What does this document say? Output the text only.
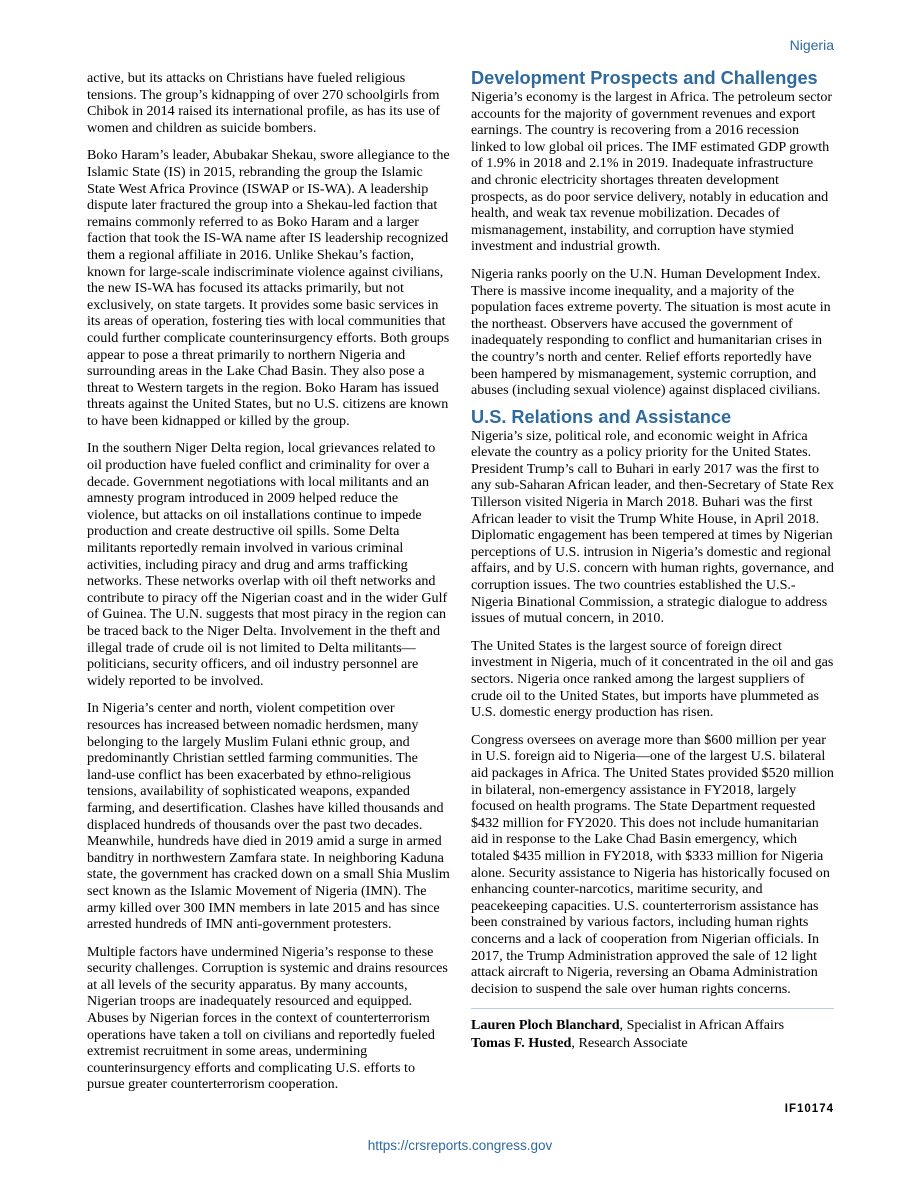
Nigeria

active, but its attacks on Christians have fueled religious tensions. The group’s kidnapping of over 270 schoolgirls from Chibok in 2014 raised its international profile, as has its use of women and children as suicide bombers.

Boko Haram’s leader, Abubakar Shekau, swore allegiance to the Islamic State (IS) in 2015, rebranding the group the Islamic State West Africa Province (ISWAP or IS-WA). A leadership dispute later fractured the group into a Shekau-led faction that remains commonly referred to as Boko Haram and a larger faction that took the IS-WA name after IS leadership recognized them a regional affiliate in 2016. Unlike Shekau’s faction, known for large-scale indiscriminate violence against civilians, the new IS-WA has focused its attacks primarily, but not exclusively, on state targets. It provides some basic services in its areas of operation, fostering ties with local communities that could further complicate counterinsurgency efforts. Both groups appear to pose a threat primarily to northern Nigeria and surrounding areas in the Lake Chad Basin. They also pose a threat to Western targets in the region. Boko Haram has issued threats against the United States, but no U.S. citizens are known to have been kidnapped or killed by the group.

In the southern Niger Delta region, local grievances related to oil production have fueled conflict and criminality for over a decade. Government negotiations with local militants and an amnesty program introduced in 2009 helped reduce the violence, but attacks on oil installations continue to impede production and create destructive oil spills. Some Delta militants reportedly remain involved in various criminal activities, including piracy and drug and arms trafficking networks. These networks overlap with oil theft networks and contribute to piracy off the Nigerian coast and in the wider Gulf of Guinea. The U.N. suggests that most piracy in the region can be traced back to the Niger Delta. Involvement in the theft and illegal trade of crude oil is not limited to Delta militants—politicians, security officers, and oil industry personnel are widely reported to be involved.

In Nigeria’s center and north, violent competition over resources has increased between nomadic herdsmen, many belonging to the largely Muslim Fulani ethnic group, and predominantly Christian settled farming communities. The land-use conflict has been exacerbated by ethno-religious tensions, availability of sophisticated weapons, expanded farming, and desertification. Clashes have killed thousands and displaced hundreds of thousands over the past two decades. Meanwhile, hundreds have died in 2019 amid a surge in armed banditry in northwestern Zamfara state. In neighboring Kaduna state, the government has cracked down on a small Shia Muslim sect known as the Islamic Movement of Nigeria (IMN). The army killed over 300 IMN members in late 2015 and has since arrested hundreds of IMN anti-government protesters.

Multiple factors have undermined Nigeria’s response to these security challenges. Corruption is systemic and drains resources at all levels of the security apparatus. By many accounts, Nigerian troops are inadequately resourced and equipped. Abuses by Nigerian forces in the context of counterterrorism operations have taken a toll on civilians and reportedly fueled extremist recruitment in some areas, undermining counterinsurgency efforts and complicating U.S. efforts to pursue greater counterterrorism cooperation.

Development Prospects and Challenges

Nigeria’s economy is the largest in Africa. The petroleum sector accounts for the majority of government revenues and export earnings. The country is recovering from a 2016 recession linked to low global oil prices. The IMF estimated GDP growth of 1.9% in 2018 and 2.1% in 2019. Inadequate infrastructure and chronic electricity shortages threaten development prospects, as do poor service delivery, notably in education and health, and weak tax revenue mobilization. Decades of mismanagement, instability, and corruption have stymied investment and industrial growth.

Nigeria ranks poorly on the U.N. Human Development Index. There is massive income inequality, and a majority of the population faces extreme poverty. The situation is most acute in the northeast. Observers have accused the government of inadequately responding to conflict and humanitarian crises in the country’s north and center. Relief efforts reportedly have been hampered by mismanagement, systemic corruption, and abuses (including sexual violence) against displaced civilians.

U.S. Relations and Assistance

Nigeria’s size, political role, and economic weight in Africa elevate the country as a policy priority for the United States. President Trump’s call to Buhari in early 2017 was the first to any sub-Saharan African leader, and then-Secretary of State Rex Tillerson visited Nigeria in March 2018. Buhari was the first African leader to visit the Trump White House, in April 2018. Diplomatic engagement has been tempered at times by Nigerian perceptions of U.S. intrusion in Nigeria’s domestic and regional affairs, and by U.S. concern with human rights, governance, and corruption issues. The two countries established the U.S.-Nigeria Binational Commission, a strategic dialogue to address issues of mutual concern, in 2010.

The United States is the largest source of foreign direct investment in Nigeria, much of it concentrated in the oil and gas sectors. Nigeria once ranked among the largest suppliers of crude oil to the United States, but imports have plummeted as U.S. domestic energy production has risen.

Congress oversees on average more than $600 million per year in U.S. foreign aid to Nigeria—one of the largest U.S. bilateral aid packages in Africa. The United States provided $520 million in bilateral, non-emergency assistance in FY2018, largely focused on health programs. The State Department requested $432 million for FY2020. This does not include humanitarian aid in response to the Lake Chad Basin emergency, which totaled $435 million in FY2018, with $333 million for Nigeria alone. Security assistance to Nigeria has historically focused on enhancing counter-narcotics, maritime security, and peacekeeping capacities. U.S. counterterrorism assistance has been constrained by various factors, including human rights concerns and a lack of cooperation from Nigerian officials. In 2017, the Trump Administration approved the sale of 12 light attack aircraft to Nigeria, reversing an Obama Administration decision to suspend the sale over human rights concerns.

Lauren Ploch Blanchard, Specialist in African Affairs
Tomas F. Husted, Research Associate
IF10174
https://crsreports.congress.gov
